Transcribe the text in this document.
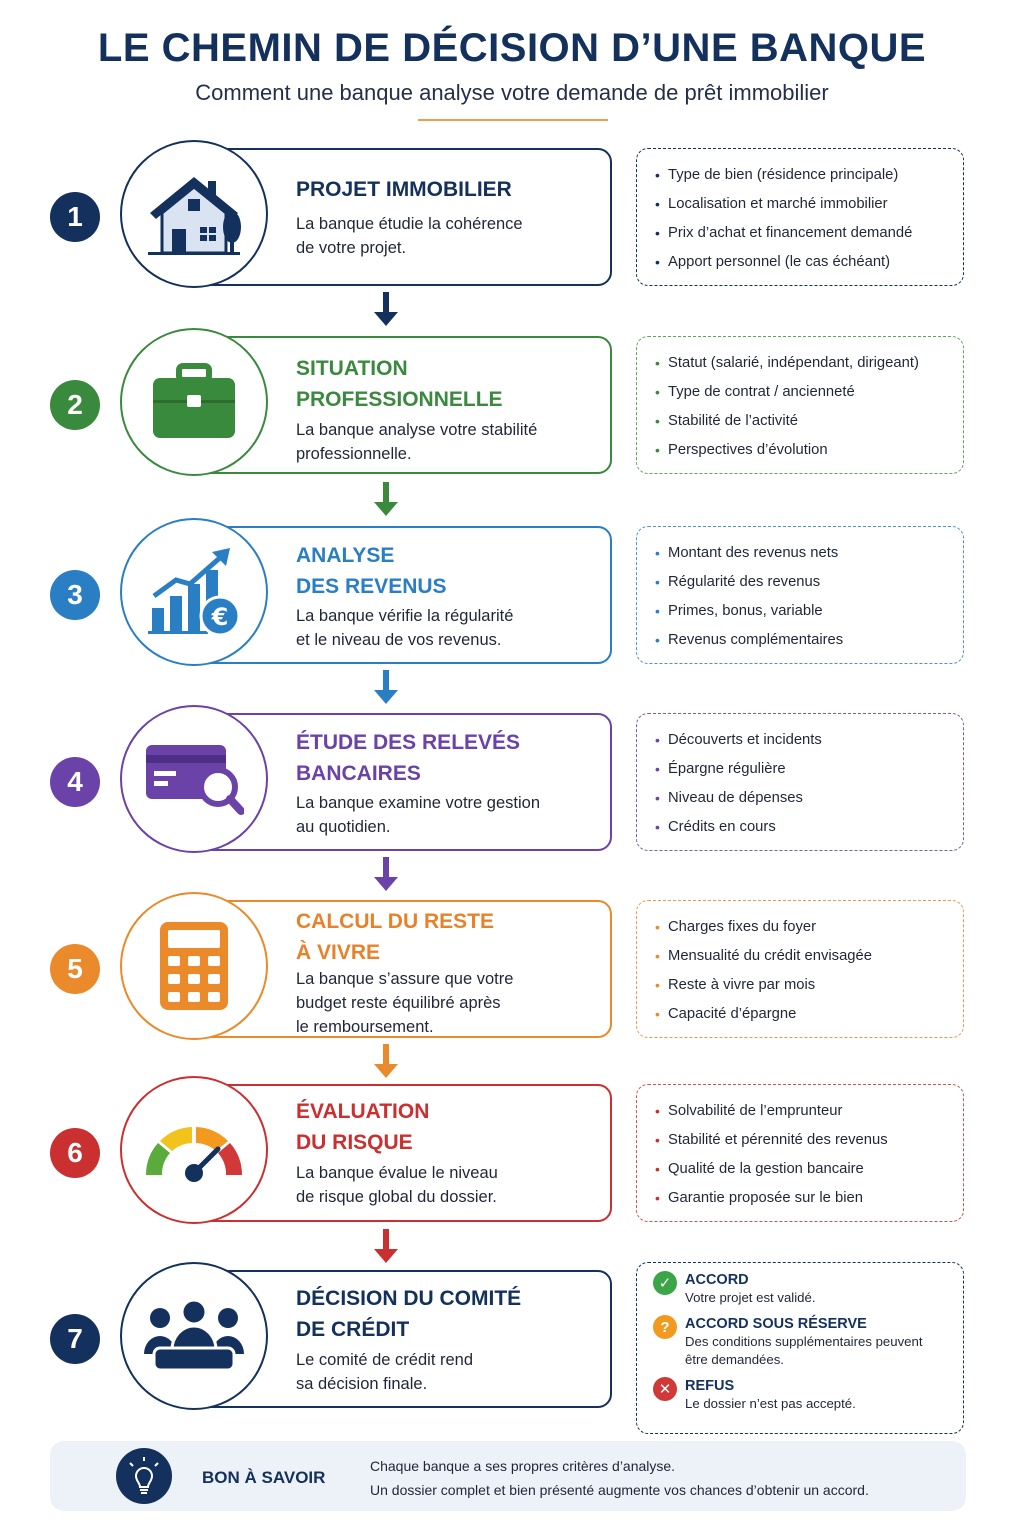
LE CHEMIN DE DÉCISION D’UNE BANQUE
Comment une banque analyse votre demande de prêt immobilier
1
PROJET IMMOBILIER
La banque étudie la cohérence
de votre projet.
• Type de bien (résidence principale)
• Localisation et marché immobilier
• Prix d’achat et financement demandé
• Apport personnel (le cas échéant)
2
SITUATION
PROFESSIONNELLE
La banque analyse votre stabilité
professionnelle.
• Statut (salarié, indépendant, dirigeant)
• Type de contrat / ancienneté
• Stabilité de l’activité
• Perspectives d’évolution
3
€
ANALYSE
DES REVENUS
La banque vérifie la régularité
et le niveau de vos revenus.
• Montant des revenus nets
• Régularité des revenus
• Primes, bonus, variable
• Revenus complémentaires
4
ÉTUDE DES RELEVÉS
BANCAIRES
La banque examine votre gestion
au quotidien.
• Découverts et incidents
• Épargne régulière
• Niveau de dépenses
• Crédits en cours
5
CALCUL DU RESTE
À VIVRE
La banque s’assure que votre
budget reste équilibré après
le remboursement.
• Charges fixes du foyer
• Mensualité du crédit envisagée
• Reste à vivre par mois
• Capacité d’épargne
6
ÉVALUATION
DU RISQUE
La banque évalue le niveau
de risque global du dossier.
• Solvabilité de l’emprunteur
• Stabilité et pérennité des revenus
• Qualité de la gestion bancaire
• Garantie proposée sur le bien
7
DÉCISION DU COMITÉ
DE CRÉDIT
Le comité de crédit rend
sa décision finale.
✓ ACCORD
Votre projet est validé.
?	ACCORD SOUS RÉSERVE
Des conditions supplémentaires peuvent
être demandées.
✕ REFUS
Le dossier n’est pas accepté.
BON À SAVOIR
Chaque banque a ses propres critères d’analyse.
Un dossier complet et bien présenté augmente vos chances d’obtenir un accord.
